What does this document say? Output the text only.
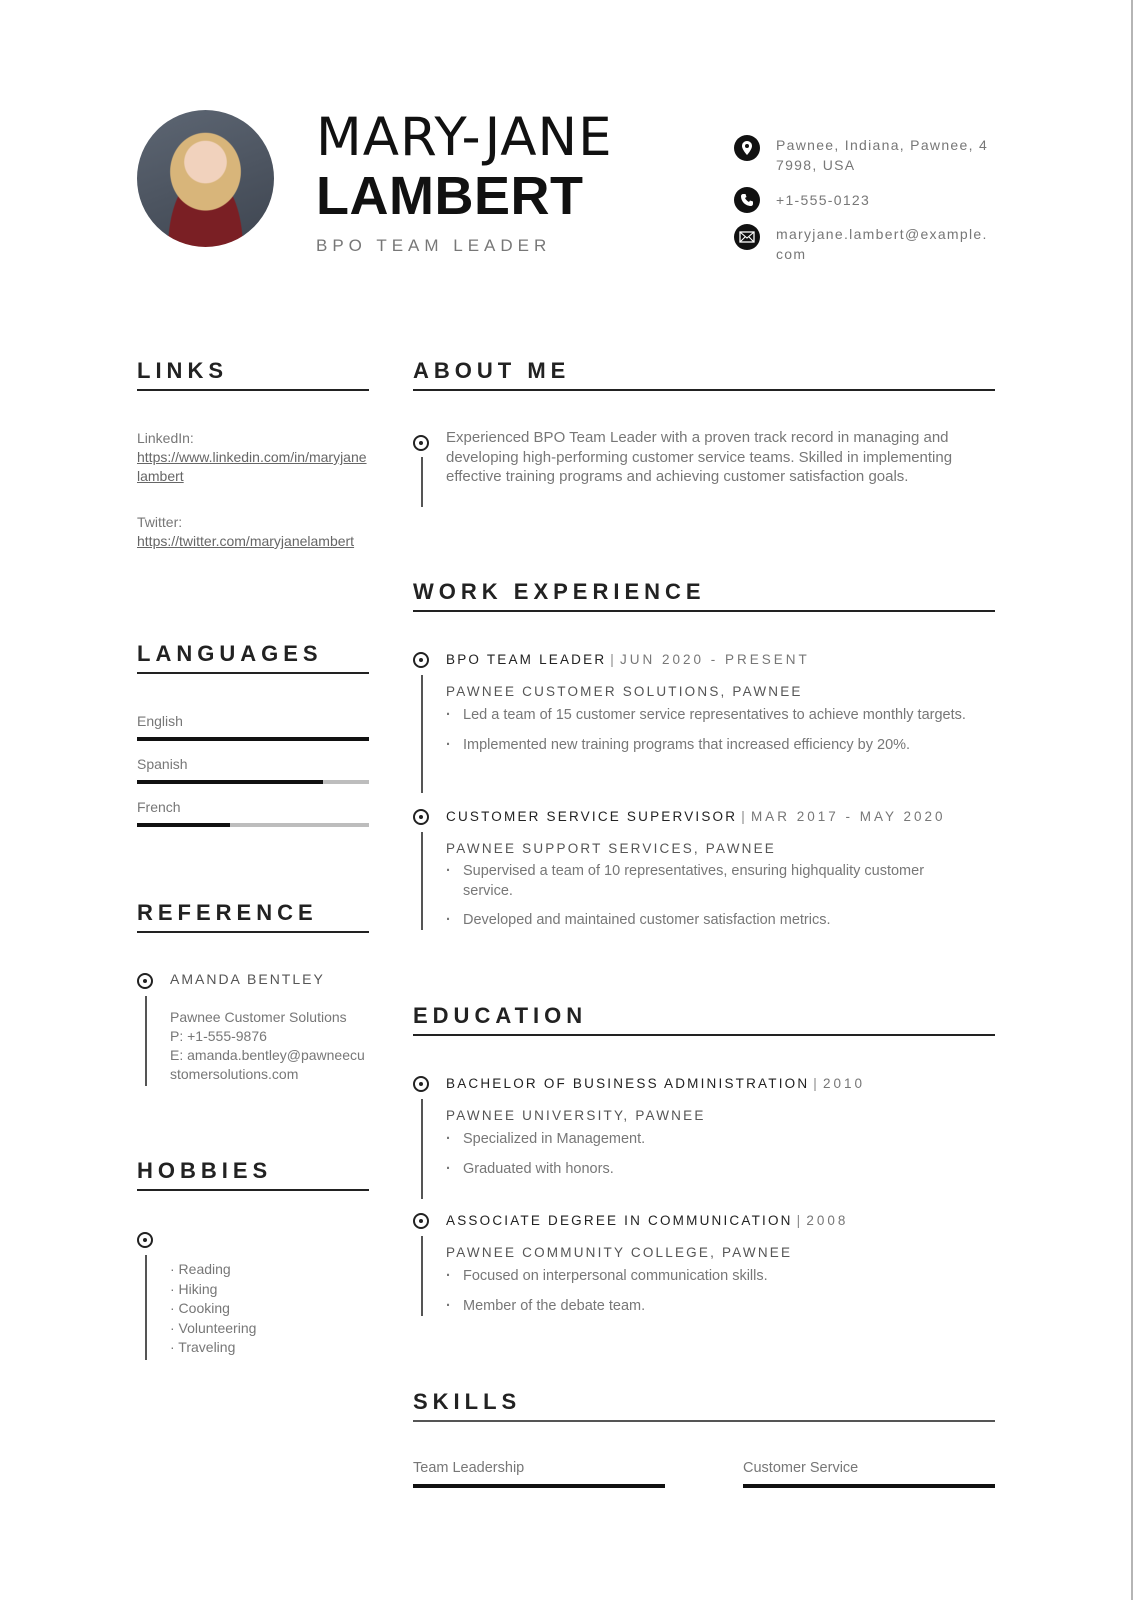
MARY-JANE
LAMBERT
BPO TEAM LEADER
Pawnee, Indiana, Pawnee, 47998, USA
+1-555-0123
maryjane.lambert@example.com
LINKS
LinkedIn:
https://www.linkedin.com/in/maryjanelambert
Twitter:
https://twitter.com/maryjanelambert
LANGUAGES
English
Spanish
French
REFERENCE
AMANDA BENTLEY
Pawnee Customer Solutions
P: +1-555-9876
E: amanda.bentley@pawneecustomersolutions.com
HOBBIES
· Reading
· Hiking
· Cooking
· Volunteering
· Traveling
ABOUT ME
Experienced BPO Team Leader with a proven track record in managing and developing high-performing customer service teams. Skilled in implementing effective training programs and achieving customer satisfaction goals.
WORK EXPERIENCE
BPO TEAM LEADER | JUN 2020 - PRESENT
PAWNEE CUSTOMER SOLUTIONS, PAWNEE
· Led a team of 15 customer service representatives to achieve monthly targets.
· Implemented new training programs that increased efficiency by 20%.
CUSTOMER SERVICE SUPERVISOR | MAR 2017 - MAY 2020
PAWNEE SUPPORT SERVICES, PAWNEE
· Supervised a team of 10 representatives, ensuring highquality customer service.
· Developed and maintained customer satisfaction metrics.
EDUCATION
BACHELOR OF BUSINESS ADMINISTRATION | 2010
PAWNEE UNIVERSITY, PAWNEE
· Specialized in Management.
· Graduated with honors.
ASSOCIATE DEGREE IN COMMUNICATION | 2008
PAWNEE COMMUNITY COLLEGE, PAWNEE
· Focused on interpersonal communication skills.
· Member of the debate team.
SKILLS
Team Leadership	Customer Service
